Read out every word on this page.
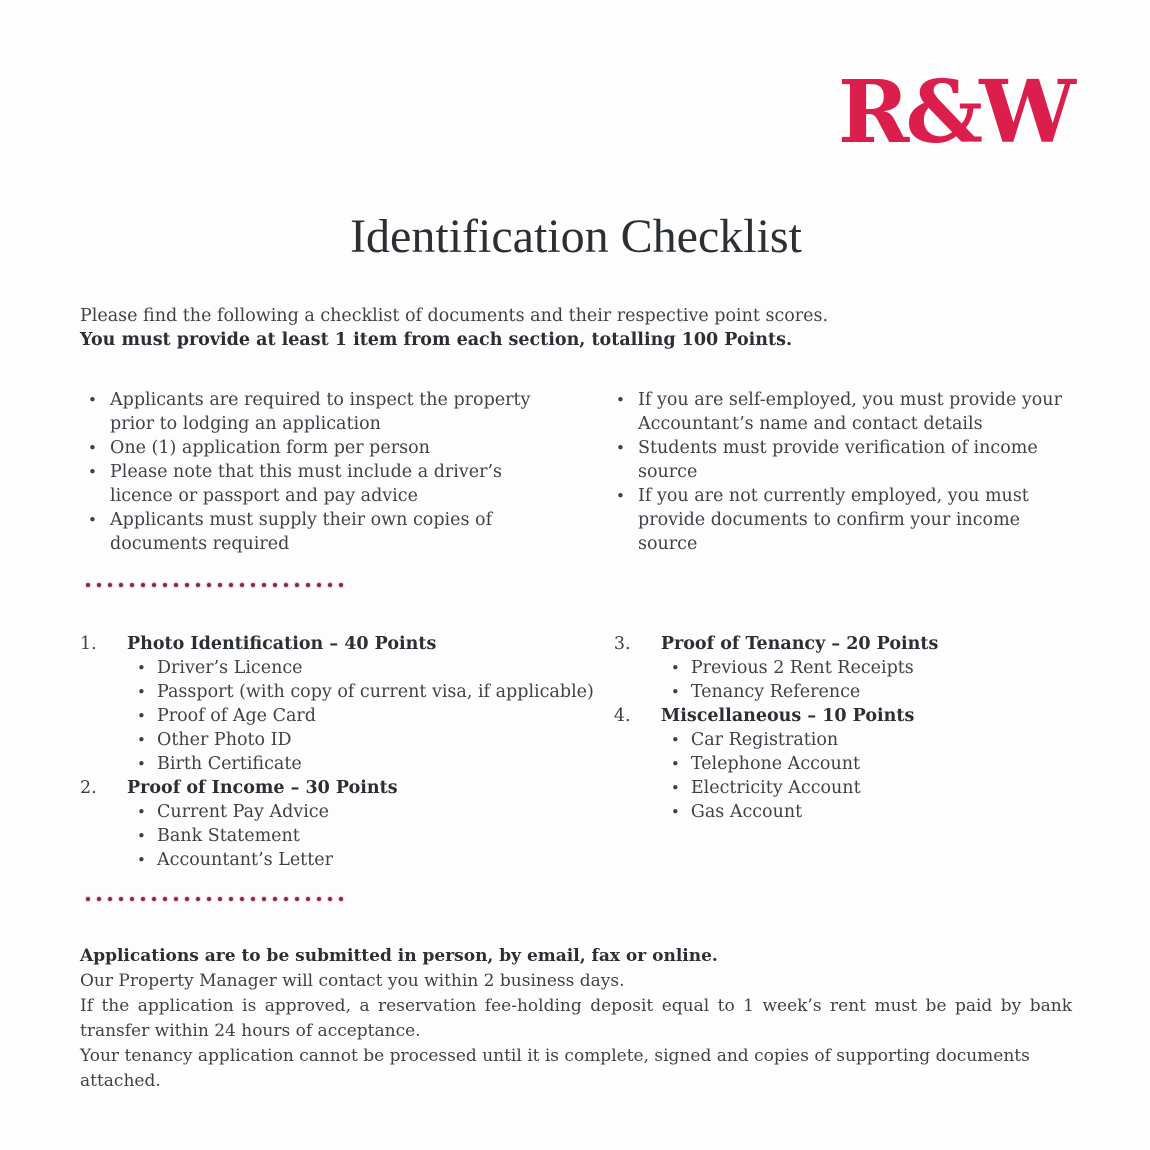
R&W
Identification Checklist

Please find the following a checklist of documents and their respective point scores.

You must provide at least 1 item from each section, totalling 100 Points.

• Applicants are required to inspect the property prior to lodging an application
• One (1) application form per person
• Please note that this must include a driver’s licence or passport and pay advice
• Applicants must supply their own copies of documents required
• If you are self-employed, you must provide your Accountant’s name and contact details
• Students must provide verification of income source
• If you are not currently employed, you must provide documents to confirm your income source
1.	Photo Identification – 40 Points
• Driver’s Licence
• Passport (with copy of current visa, if applicable)
• Proof of Age Card
• Other Photo ID
• Birth Certificate
2.	Proof of Income – 30 Points
• Current Pay Advice
• Bank Statement
• Accountant’s Letter
3.	Proof of Tenancy – 20 Points
• Previous 2 Rent Receipts
• Tenancy Reference
4.	Miscellaneous – 10 Points
• Car Registration
• Telephone Account
• Electricity Account
• Gas Account

Applications are to be submitted in person, by email, fax or online.

Our Property Manager will contact you within 2 business days.

If the application is approved, a reservation fee-holding deposit equal to 1 week’s rent must be paid by bank transfer within 24 hours of acceptance.

Your tenancy application cannot be processed until it is complete, signed and copies of supporting documents attached.
